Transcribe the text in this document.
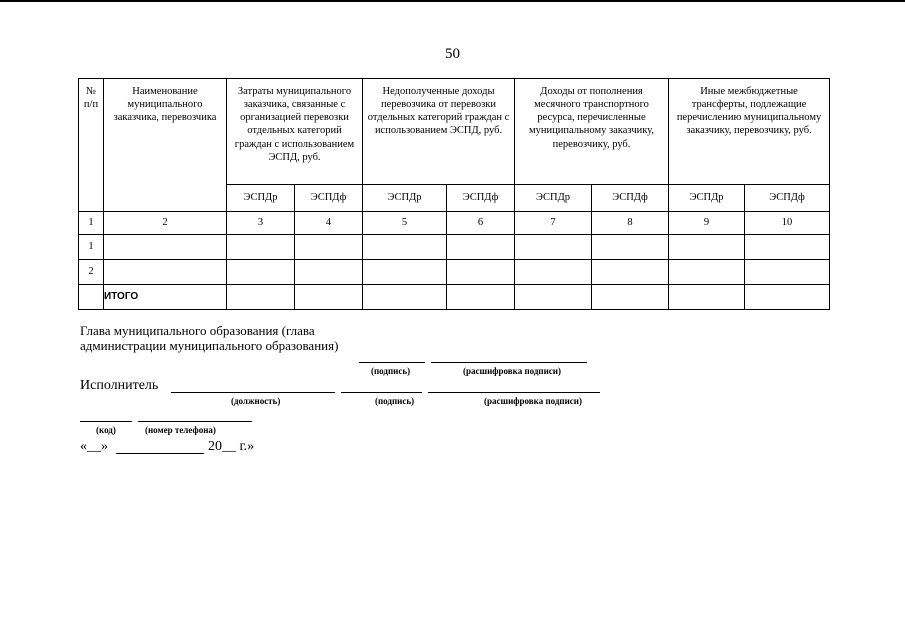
50
№ п/п	Наименование муниципального заказчика, перевозчика	Затраты муниципального заказчика, связанные с организацией перевозки отдельных категорий граждан с использованием ЭСПД, руб.		Недополученные доходы перевозчика от перевозки отдельных категорий граждан с использованием ЭСПД, руб.		Доходы от пополнения месячного транспортного ресурса, перечисленные муниципальному заказчику, перевозчику, руб.		Иные межбюджетные трансферты, подлежащие перечислению муниципальному заказчику, перевозчику, руб.	
		ЭСПДр	ЭСПДф	ЭСПДр	ЭСПДф	ЭСПДр	ЭСПДф	ЭСПДр	ЭСПДф
1	2	3	4	5	6	7	8	9	10
1									
2									
	ИТОГО								
Глава муниципального образования (глава администрации муниципального образования)
(подпись)	(расшифровка подписи)
Исполнитель
(должность)	(подпись)	(расшифровка подписи)
(код)	(номер телефона)
«__»	20__ г.»
